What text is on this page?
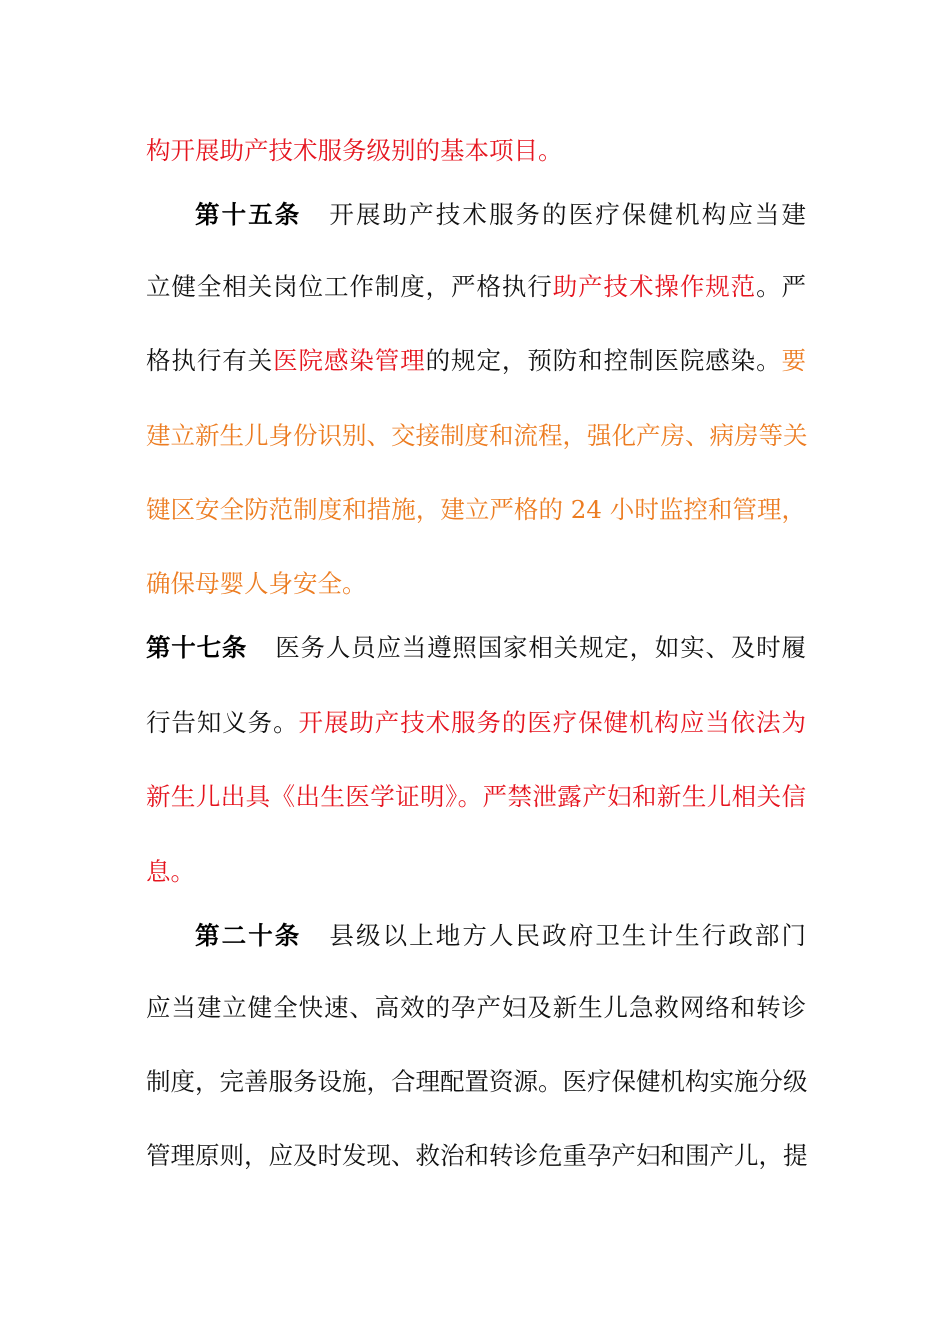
构开展助产技术服务级别的基本项目。
第十五条 开展助产技术服务的医疗保健机构应当建
立健全相关岗位工作制度，严格执行助产技术操作规范。严
格执行有关医院感染管理的规定，预防和控制医院感染。要
建立新生儿身份识别、交接制度和流程，强化产房、病房等关
键区安全防范制度和措施，建立严格的 24 小时监控和管理，
确保母婴人身安全。
第十七条 医务人员应当遵照国家相关规定，如实、及时履
行告知义务。开展助产技术服务的医疗保健机构应当依法为
新生儿出具《出生医学证明》。严禁泄露产妇和新生儿相关信
息。
第二十条 县级以上地方人民政府卫生计生行政部门
应当建立健全快速、高效的孕产妇及新生儿急救网络和转诊
制度，完善服务设施，合理配置资源。医疗保健机构实施分级
管理原则，应及时发现、救治和转诊危重孕产妇和围产儿，提
